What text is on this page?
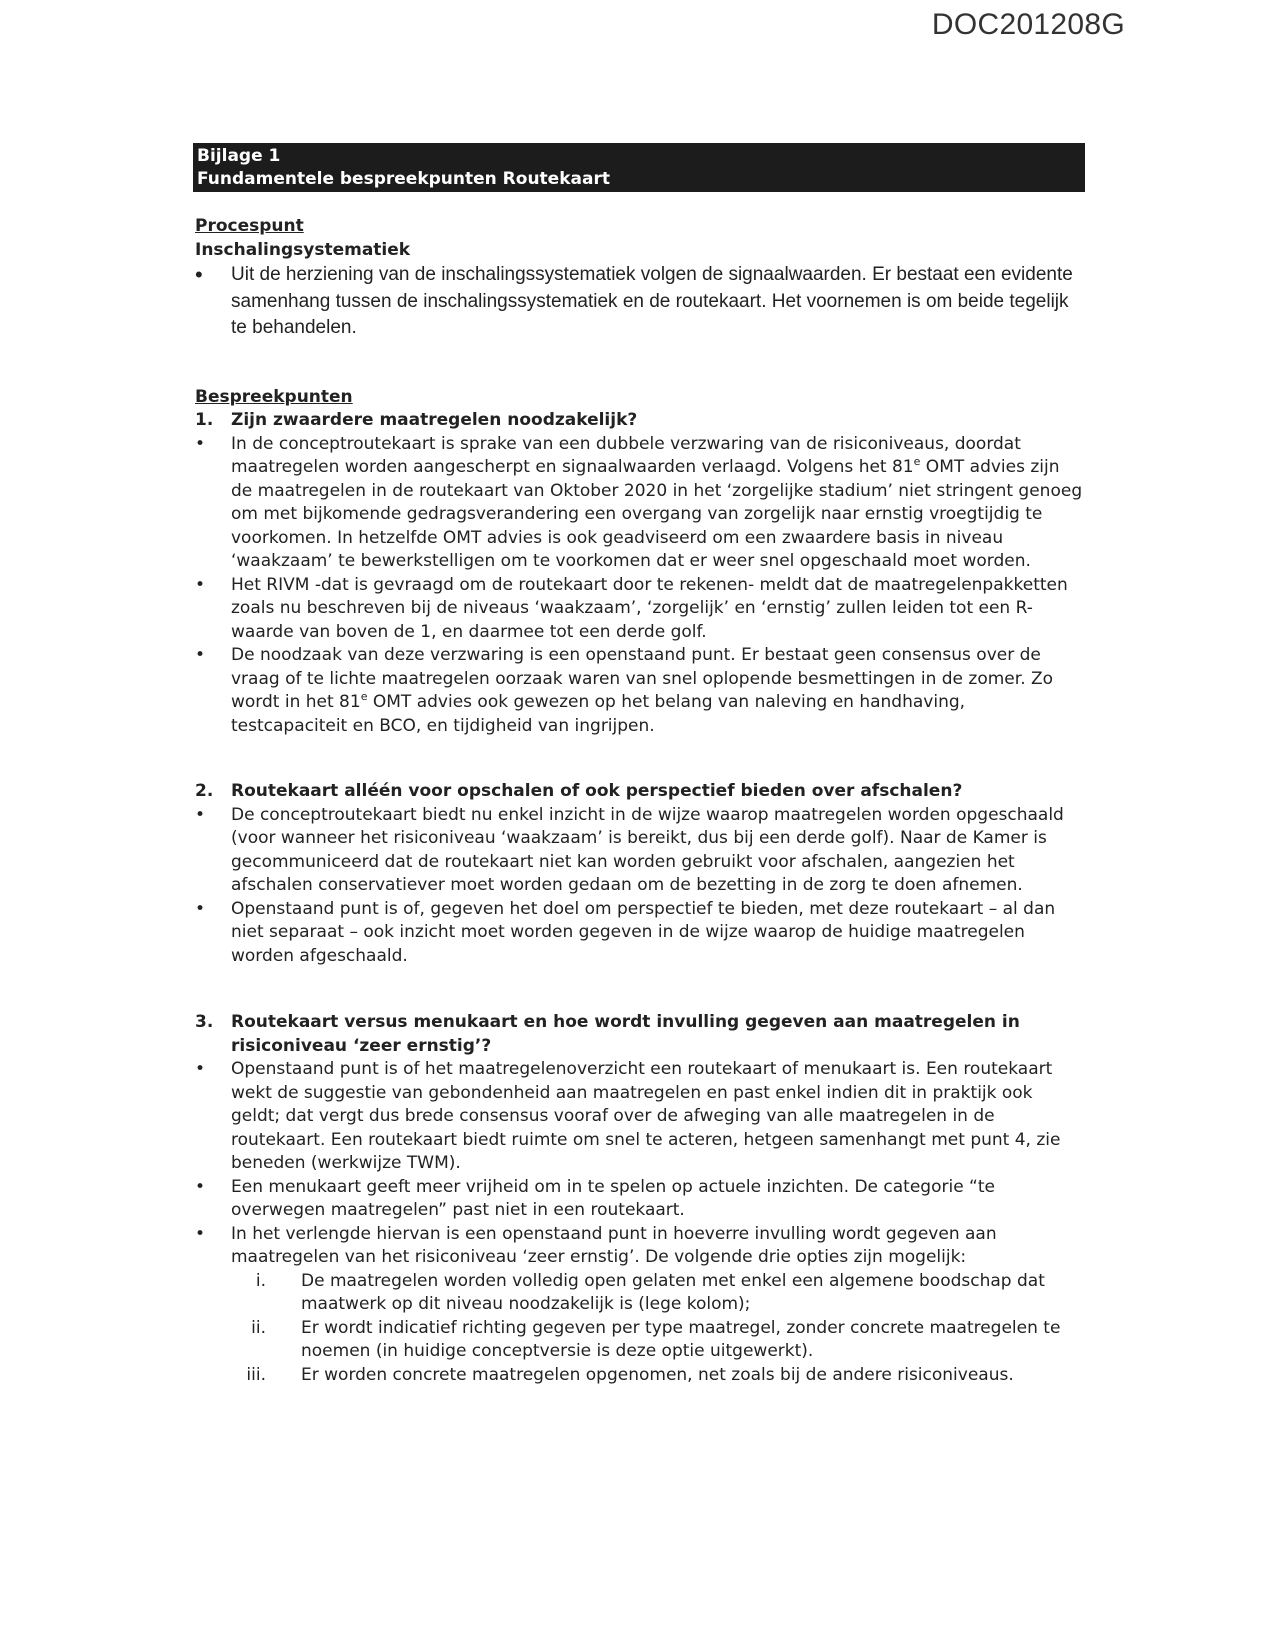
DOC201208G
Bijlage 1
Fundamentele bespreekpunten Routekaart
Procespunt
Inschalingsystematiek
• Uit de herziening van de inschalingssystematiek volgen de signaalwaarden. Er bestaat een evidente samenhang tussen de inschalingssystematiek en de routekaart. Het voornemen is om beide tegelijk te behandelen.
Bespreekpunten
1. Zijn zwaardere maatregelen noodzakelijk?
• In de conceptroutekaart is sprake van een dubbele verzwaring van de risiconiveaus, doordat maatregelen worden aangescherpt en signaalwaarden verlaagd. Volgens het 81e OMT advies zijn de maatregelen in de routekaart van Oktober 2020 in het ‘zorgelijke stadium’ niet stringent genoeg om met bijkomende gedragsverandering een overgang van zorgelijk naar ernstig vroegtijdig te voorkomen. In hetzelfde OMT advies is ook geadviseerd om een zwaardere basis in niveau ‘waakzaam’ te bewerkstelligen om te voorkomen dat er weer snel opgeschaald moet worden.
• Het RIVM -dat is gevraagd om de routekaart door te rekenen- meldt dat de maatregelenpakketten zoals nu beschreven bij de niveaus ‘waakzaam’, ‘zorgelijk’ en ‘ernstig’ zullen leiden tot een R-waarde van boven de 1, en daarmee tot een derde golf.
• De noodzaak van deze verzwaring is een openstaand punt. Er bestaat geen consensus over de vraag of te lichte maatregelen oorzaak waren van snel oplopende besmettingen in de zomer. Zo wordt in het 81e OMT advies ook gewezen op het belang van naleving en handhaving, testcapaciteit en BCO, en tijdigheid van ingrijpen.
2. Routekaart alléén voor opschalen of ook perspectief bieden over afschalen?
• De conceptroutekaart biedt nu enkel inzicht in de wijze waarop maatregelen worden opgeschaald (voor wanneer het risiconiveau ‘waakzaam’ is bereikt, dus bij een derde golf). Naar de Kamer is gecommuniceerd dat de routekaart niet kan worden gebruikt voor afschalen, aangezien het afschalen conservatiever moet worden gedaan om de bezetting in de zorg te doen afnemen.
• Openstaand punt is of, gegeven het doel om perspectief te bieden, met deze routekaart – al dan niet separaat – ook inzicht moet worden gegeven in de wijze waarop de huidige maatregelen worden afgeschaald.
3. Routekaart versus menukaart en hoe wordt invulling gegeven aan maatregelen in risiconiveau ‘zeer ernstig’?
• Openstaand punt is of het maatregelenoverzicht een routekaart of menukaart is. Een routekaart wekt de suggestie van gebondenheid aan maatregelen en past enkel indien dit in praktijk ook geldt; dat vergt dus brede consensus vooraf over de afweging van alle maatregelen in de routekaart. Een routekaart biedt ruimte om snel te acteren, hetgeen samenhangt met punt 4, zie beneden (werkwijze TWM).
• Een menukaart geeft meer vrijheid om in te spelen op actuele inzichten. De categorie “te overwegen maatregelen” past niet in een routekaart.
• In het verlengde hiervan is een openstaand punt in hoeverre invulling wordt gegeven aan maatregelen van het risiconiveau ‘zeer ernstig’. De volgende drie opties zijn mogelijk:
i. De maatregelen worden volledig open gelaten met enkel een algemene boodschap dat maatwerk op dit niveau noodzakelijk is (lege kolom);
ii. Er wordt indicatief richting gegeven per type maatregel, zonder concrete maatregelen te noemen (in huidige conceptversie is deze optie uitgewerkt).
iii. Er worden concrete maatregelen opgenomen, net zoals bij de andere risiconiveaus.
